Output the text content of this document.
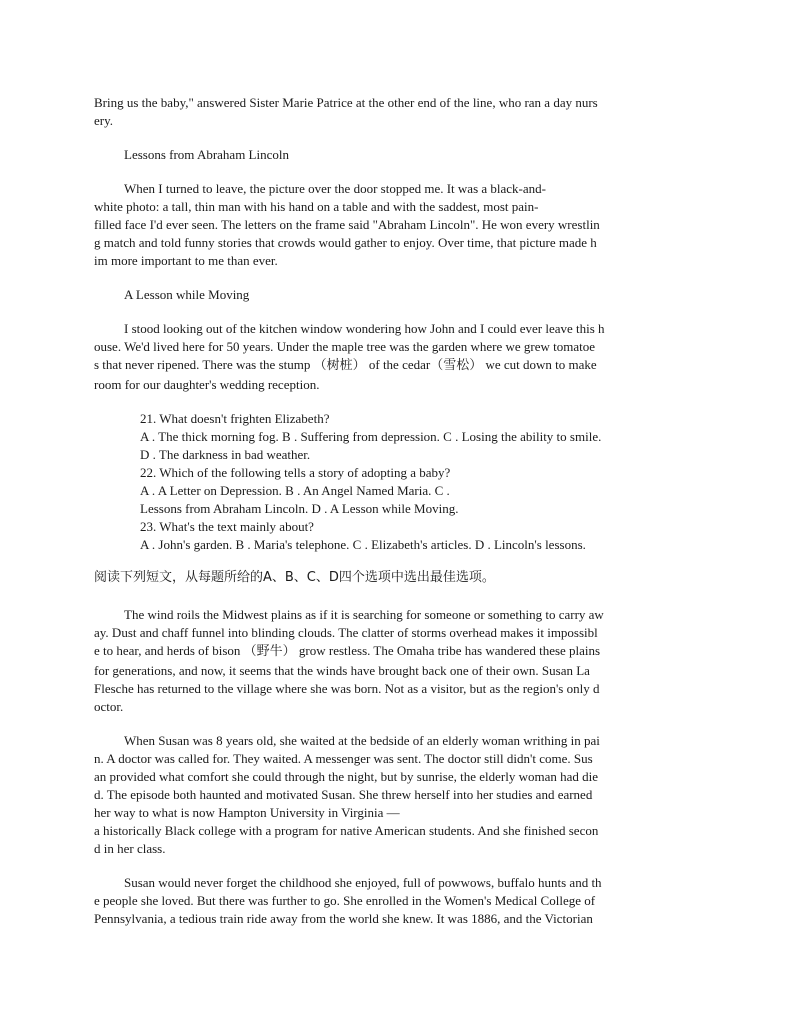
Bring us the baby," answered Sister Marie Patrice at the other end of the line, who ran a day nurs
ery.
Lessons from Abraham Lincoln
When I turned to leave, the picture over the door stopped me. It was a black-and-
white photo: a tall, thin man with his hand on a table and with the saddest, most pain-
filled face I'd ever seen. The letters on the frame said "Abraham Lincoln". He won every wrestlin
g match and told funny stories that crowds would gather to enjoy. Over time, that picture made h
im more important to me than ever.
A Lesson while Moving
I stood looking out of the kitchen window wondering how John and I could ever leave this h
ouse. We'd lived here for 50 years. Under the maple tree was the garden where we grew tomatoe
s that never ripened. There was the stump （树桩） of the cedar（雪松） we cut down to make
room for our daughter's wedding reception.
21. What doesn't frighten Elizabeth?
A . The thick morning fog. B . Suffering from depression. C . Losing the ability to smile.
D . The darkness in bad weather.
22. Which of the following tells a story of adopting a baby?
A . A Letter on Depression. B . An Angel Named Maria. C .
Lessons from Abraham Lincoln. D . A Lesson while Moving.
23. What's the text mainly about?
A . John's garden. B . Maria's telephone. C . Elizabeth's articles. D . Lincoln's lessons.
阅读下列短文，从每题所给的A、B、C、D四个选项中选出最佳选项。
The wind roils the Midwest plains as if it is searching for someone or something to carry aw
ay. Dust and chaff funnel into blinding clouds. The clatter of storms overhead makes it impossibl
e to hear, and herds of bison （野牛） grow restless. The Omaha tribe has wandered these plains
for generations, and now, it seems that the winds have brought back one of their own. Susan La
Flesche has returned to the village where she was born. Not as a visitor, but as the region's only d
octor.
When Susan was 8 years old, she waited at the bedside of an elderly woman writhing in pai
n. A doctor was called for. They waited. A messenger was sent. The doctor still didn't come. Sus
an provided what comfort she could through the night, but by sunrise, the elderly woman had die
d. The episode both haunted and motivated Susan. She threw herself into her studies and earned
her way to what is now Hampton University in Virginia —
a historically Black college with a program for native American students. And she finished secon
d in her class.
Susan would never forget the childhood she enjoyed, full of powwows, buffalo hunts and th
e people she loved. But there was further to go. She enrolled in the Women's Medical College of
Pennsylvania, a tedious train ride away from the world she knew. It was 1886, and the Victorian
